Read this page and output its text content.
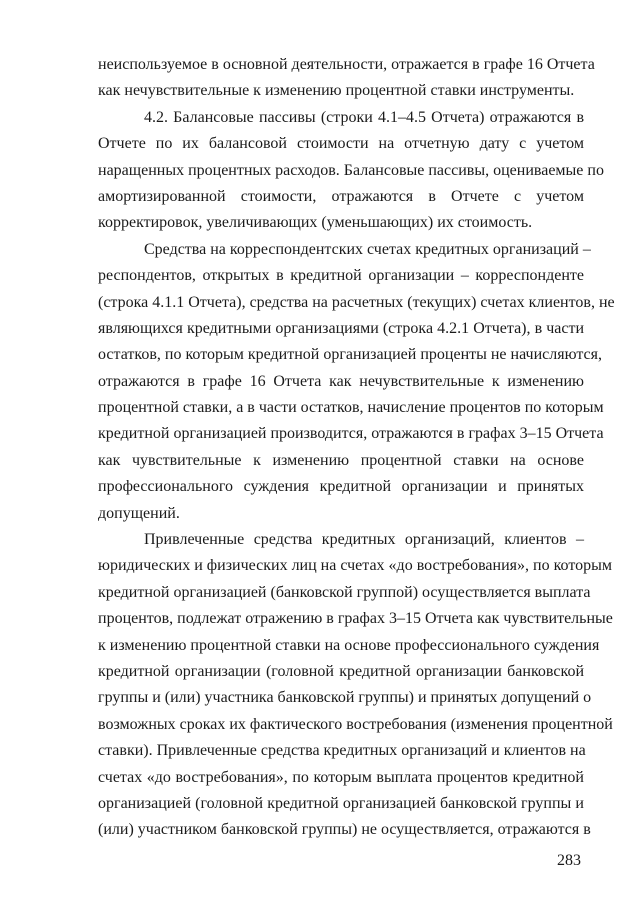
неиспользуемое в основной деятельности, отражается в графе 16 Отчета
как нечувствительные к изменению процентной ставки инструменты.
4.2. Балансовые пассивы (строки 4.1–4.5 Отчета) отражаются в
Отчете по их балансовой стоимости на отчетную дату с учетом
наращенных процентных расходов. Балансовые пассивы, оцениваемые по
амортизированной стоимости, отражаются в Отчете с учетом
корректировок, увеличивающих (уменьшающих) их стоимость.
Средства на корреспондентских счетах кредитных организаций –
респондентов, открытых в кредитной организации – корреспонденте
(строка 4.1.1 Отчета), средства на расчетных (текущих) счетах клиентов, не
являющихся кредитными организациями (строка 4.2.1 Отчета), в части
остатков, по которым кредитной организацией проценты не начисляются,
отражаются в графе 16 Отчета как нечувствительные к изменению
процентной ставки, а в части остатков, начисление процентов по которым
кредитной организацией производится, отражаются в графах 3–15 Отчета
как чувствительные к изменению процентной ставки на основе
профессионального суждения кредитной организации и принятых
допущений.
Привлеченные средства кредитных организаций, клиентов –
юридических и физических лиц на счетах «до востребования», по которым
кредитной организацией (банковской группой) осуществляется выплата
процентов, подлежат отражению в графах 3–15 Отчета как чувствительные
к изменению процентной ставки на основе профессионального суждения
кредитной организации (головной кредитной организации банковской
группы и (или) участника банковской группы) и принятых допущений о
возможных сроках их фактического востребования (изменения процентной
ставки). Привлеченные средства кредитных организаций и клиентов на
счетах «до востребования», по которым выплата процентов кредитной
организацией (головной кредитной организацией банковской группы и
(или) участником банковской группы) не осуществляется, отражаются в
283
